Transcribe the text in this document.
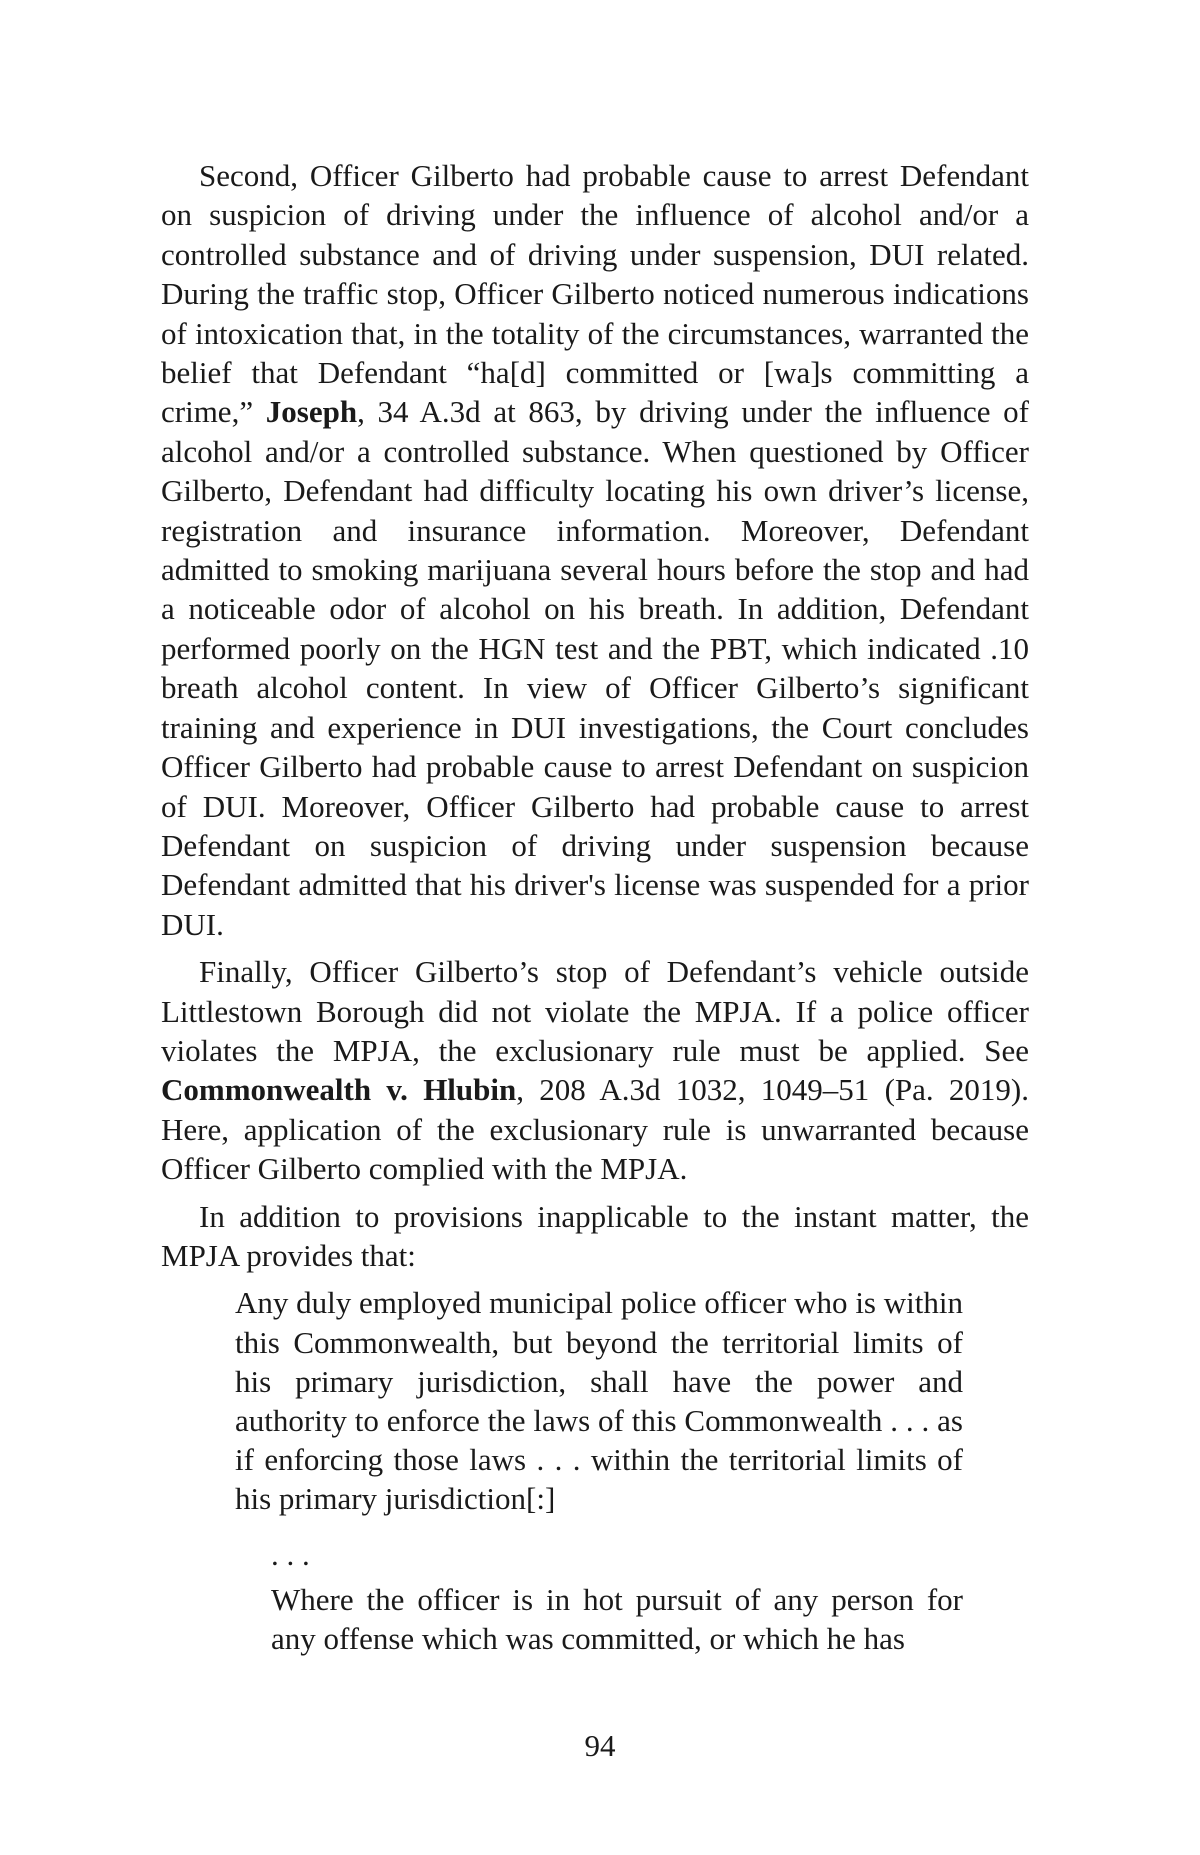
Second, Officer Gilberto had probable cause to arrest Defendant on suspicion of driving under the influence of alcohol and/or a controlled substance and of driving under suspension, DUI related. During the traffic stop, Officer Gilberto noticed numerous indications of intoxication that, in the totality of the circumstances, warranted the belief that Defendant “ha[d] committed or [wa]s committing a crime,” Joseph, 34 A.3d at 863, by driving under the influence of alcohol and/or a controlled substance. When questioned by Officer Gilberto, Defendant had difficulty locating his own driver’s license, registration and insurance information. Moreover, Defendant admitted to smoking marijuana several hours before the stop and had a noticeable odor of alcohol on his breath. In addition, Defendant performed poorly on the HGN test and the PBT, which indicated .10 breath alcohol content. In view of Officer Gilberto’s significant training and experience in DUI investigations, the Court concludes Officer Gilberto had probable cause to arrest Defendant on suspicion of DUI. Moreover, Officer Gilberto had probable cause to arrest Defendant on suspicion of driving under suspension because Defendant admitted that his driver's license was suspended for a prior DUI.
Finally, Officer Gilberto’s stop of Defendant’s vehicle outside Littlestown Borough did not violate the MPJA. If a police officer violates the MPJA, the exclusionary rule must be applied. See Commonwealth v. Hlubin, 208 A.3d 1032, 1049–51 (Pa. 2019). Here, application of the exclusionary rule is unwarranted because Officer Gilberto complied with the MPJA.
In addition to provisions inapplicable to the instant matter, the MPJA provides that:

Any duly employed municipal police officer who is within this Commonwealth, but beyond the territorial limits of his primary jurisdiction, shall have the power and authority to enforce the laws of this Commonwealth . . . as if enforcing those laws . . . within the territorial limits of his primary jurisdiction[:]

. . .

Where the officer is in hot pursuit of any person for any offense which was committed, or which he has

94
